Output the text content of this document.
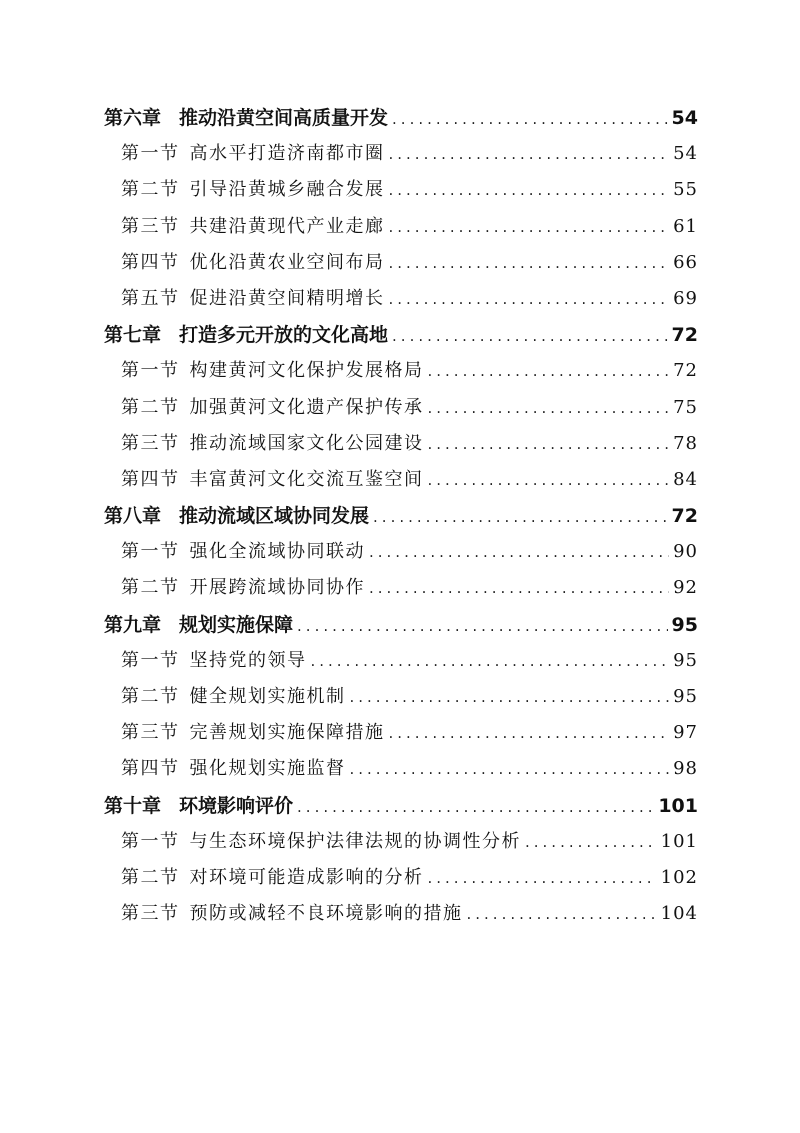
第六章 推动沿黄空间高质量开发 .....	54
第一节 高水平打造济南都市圈 .....	54
第二节 引导沿黄城乡融合发展 .....	55
第三节 共建沿黄现代产业走廊 .....	61
第四节 优化沿黄农业空间布局 .....	66
第五节 促进沿黄空间精明增长 .....	69
第七章 打造多元开放的文化高地 .....	72
第一节 构建黄河文化保护发展格局 .....	72
第二节 加强黄河文化遗产保护传承 .....	75
第三节 推动流域国家文化公园建设 .....	78
第四节 丰富黄河文化交流互鉴空间 .....	84
第八章 推动流域区域协同发展 .....	72
第一节 强化全流域协同联动 .....	90
第二节 开展跨流域协同协作 .....	92
第九章 规划实施保障 .....	95
第一节 坚持党的领导 .....	95
第二节 健全规划实施机制 .....	95
第三节 完善规划实施保障措施 .....	97
第四节 强化规划实施监督 .....	98
第十章 环境影响评价 .....	101
第一节 与生态环境保护法律法规的协调性分析 .....	101
第二节 对环境可能造成影响的分析 .....	102
第三节 预防或减轻不良环境影响的措施 .....	104
